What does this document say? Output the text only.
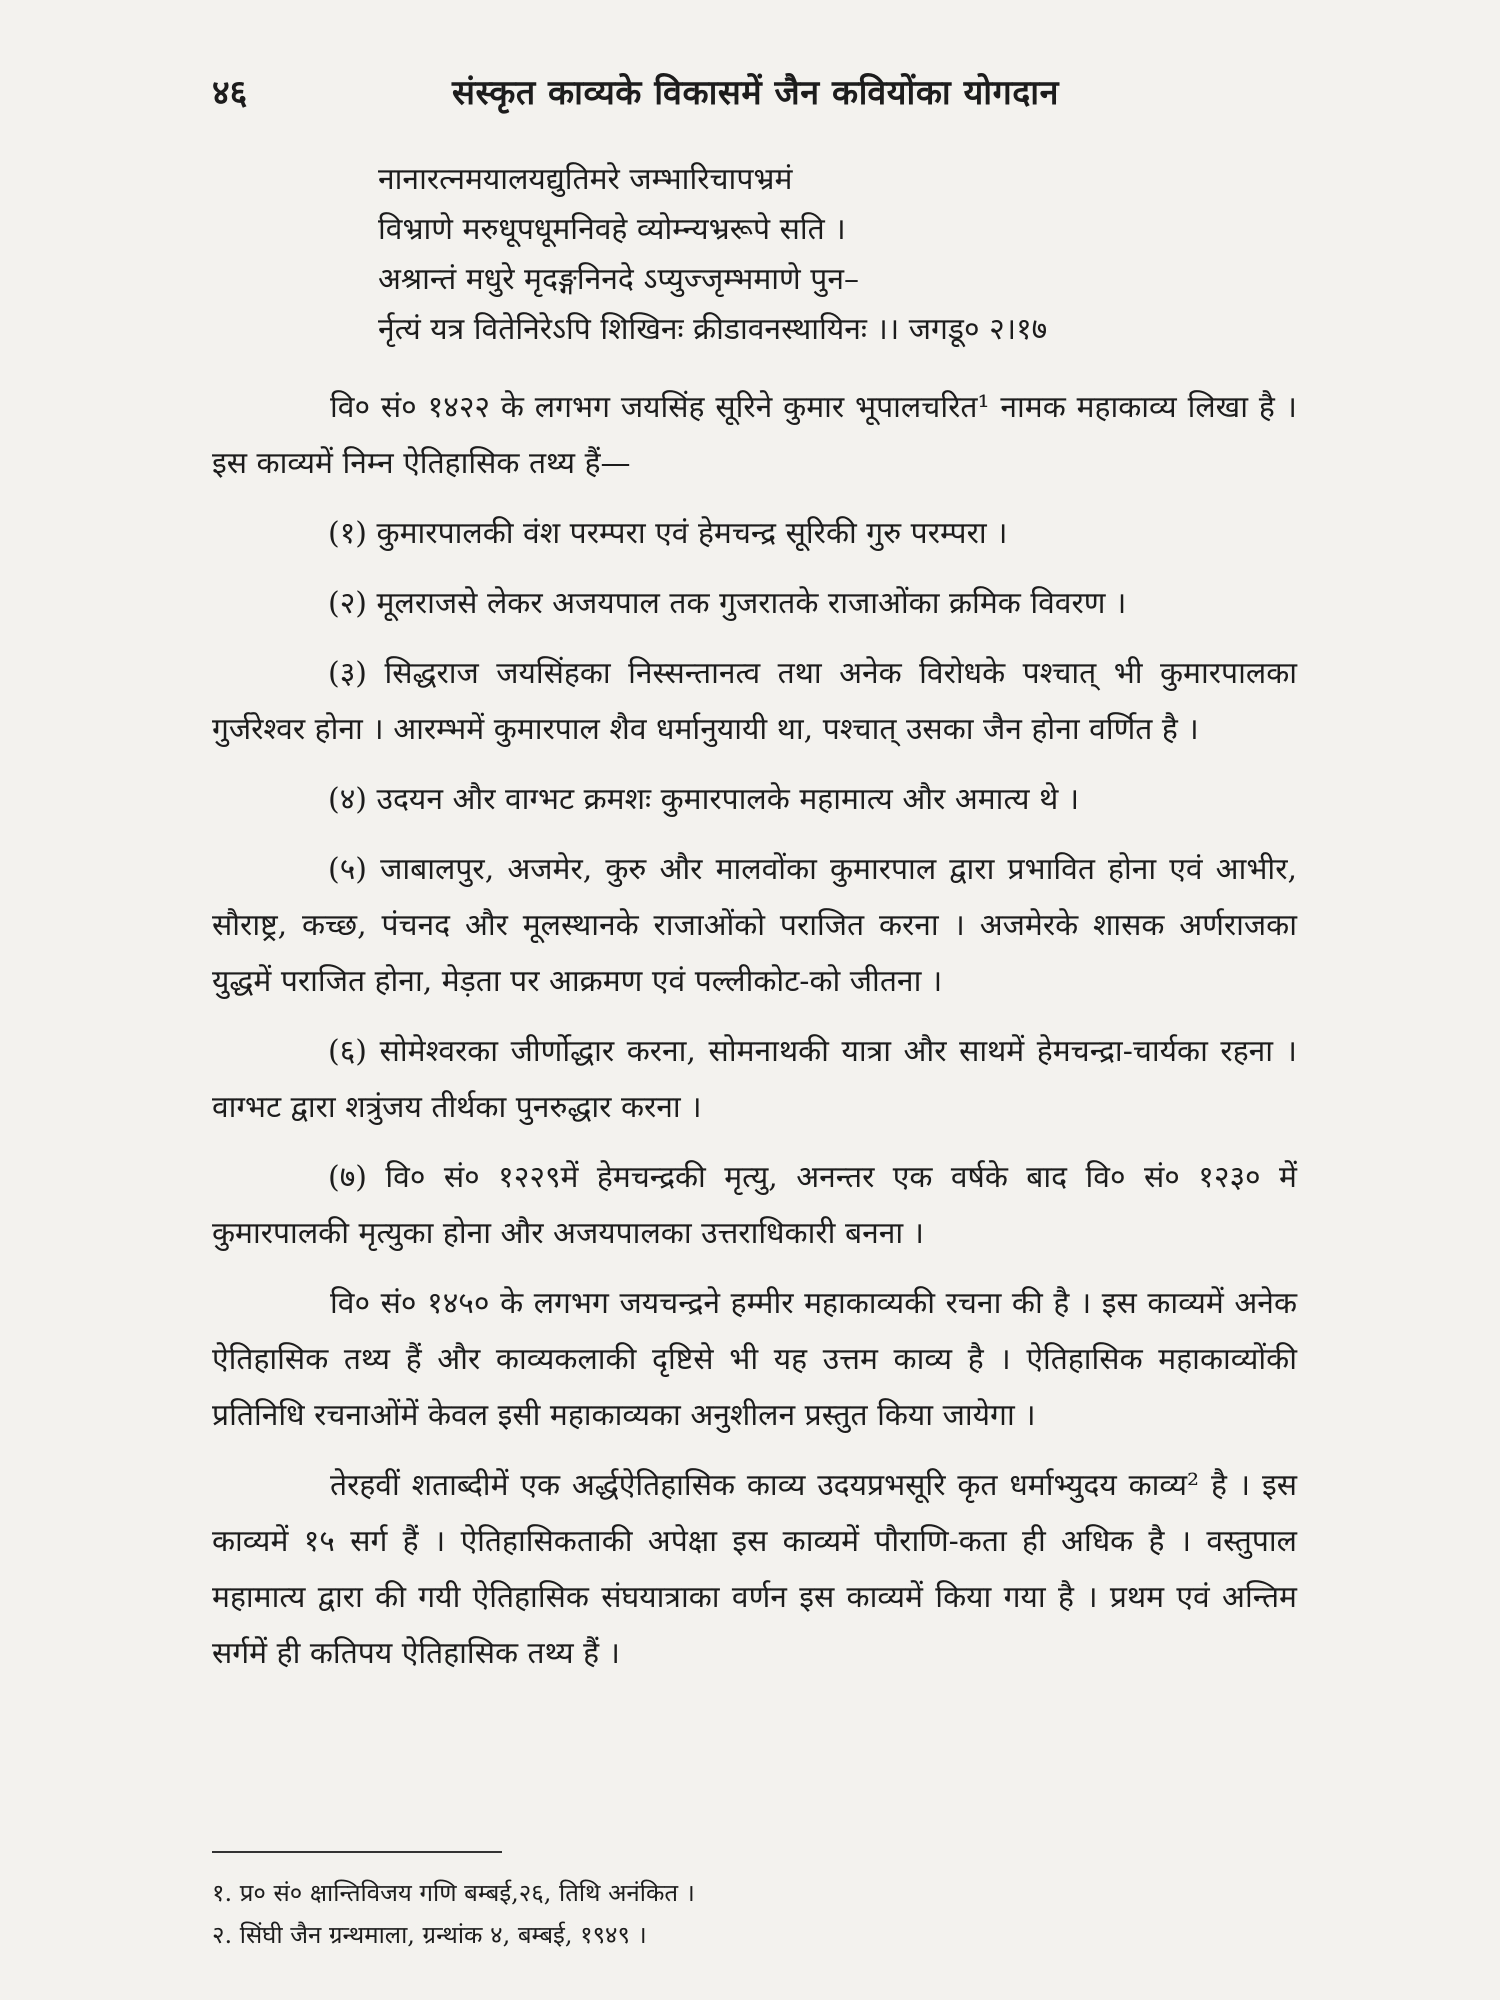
४६	संस्कृत काव्यके विकासमें जैन कवियोंका योगदान
नानारत्नमयालयद्युतिमरे जम्भारिचापभ्रमं
विभ्राणे मरुधूपधूमनिवहे व्योम्न्यभ्ररूपे सति ।
अश्रान्तं मधुरे मृदङ्गनिनदे ऽप्युज्जृम्भमाणे पुन–
र्नृत्यं यत्र वितेनिरेऽपि शिखिनः क्रीडावनस्थायिनः ।। जगडू० २।१७

वि० सं० १४२२ के लगभग जयसिंह सूरिने कुमार भूपालचरित¹ नामक महाकाव्य लिखा है । इस काव्यमें निम्न ऐतिहासिक तथ्य हैं—

(१) कुमारपालकी वंश परम्परा एवं हेमचन्द्र सूरिकी गुरु परम्परा ।

(२) मूलराजसे लेकर अजयपाल तक गुजरातके राजाओंका क्रमिक विवरण ।

(३) सिद्धराज जयसिंहका निस्सन्तानत्व तथा अनेक विरोधके पश्चात् भी कुमारपालका गुर्जरेश्वर होना । आरम्भमें कुमारपाल शैव धर्मानुयायी था, पश्चात् उसका जैन होना वर्णित है ।

(४) उदयन और वाग्भट क्रमशः कुमारपालके महामात्य और अमात्य थे ।

(५) जाबालपुर, अजमेर, कुरु और मालवोंका कुमारपाल द्वारा प्रभावित होना एवं आभीर, सौराष्ट्र, कच्छ, पंचनद और मूलस्थानके राजाओंको पराजित करना । अजमेरके शासक अर्णराजका युद्धमें पराजित होना, मेड़ता पर आक्रमण एवं पल्लीकोट-को जीतना ।

(६) सोमेश्वरका जीर्णोद्धार करना, सोमनाथकी यात्रा और साथमें हेमचन्द्रा-चार्यका रहना । वाग्भट द्वारा शत्रुंजय तीर्थका पुनरुद्धार करना ।

(७) वि० सं० १२२९में हेमचन्द्रकी मृत्यु, अनन्तर एक वर्षके बाद वि० सं० १२३० में कुमारपालकी मृत्युका होना और अजयपालका उत्तराधिकारी बनना ।

वि० सं० १४५० के लगभग जयचन्द्रने हम्मीर महाकाव्यकी रचना की है । इस काव्यमें अनेक ऐतिहासिक तथ्य हैं और काव्यकलाकी दृष्टिसे भी यह उत्तम काव्य है । ऐतिहासिक महाकाव्योंकी प्रतिनिधि रचनाओंमें केवल इसी महाकाव्यका अनुशीलन प्रस्तुत किया जायेगा ।

तेरहवीं शताब्दीमें एक अर्द्धऐतिहासिक काव्य उदयप्रभसूरि कृत धर्माभ्युदय काव्य² है । इस काव्यमें १५ सर्ग हैं । ऐतिहासिकताकी अपेक्षा इस काव्यमें पौराणि-कता ही अधिक है । वस्तुपाल महामात्य द्वारा की गयी ऐतिहासिक संघयात्राका वर्णन इस काव्यमें किया गया है । प्रथम एवं अन्तिम सर्गमें ही कतिपय ऐतिहासिक तथ्य हैं ।

१. प्र० सं० क्षान्तिविजय गणि बम्बई,२६, तिथि अनंकित ।
२. सिंघी जैन ग्रन्थमाला, ग्रन्थांक ४, बम्बई, १९४९ ।
